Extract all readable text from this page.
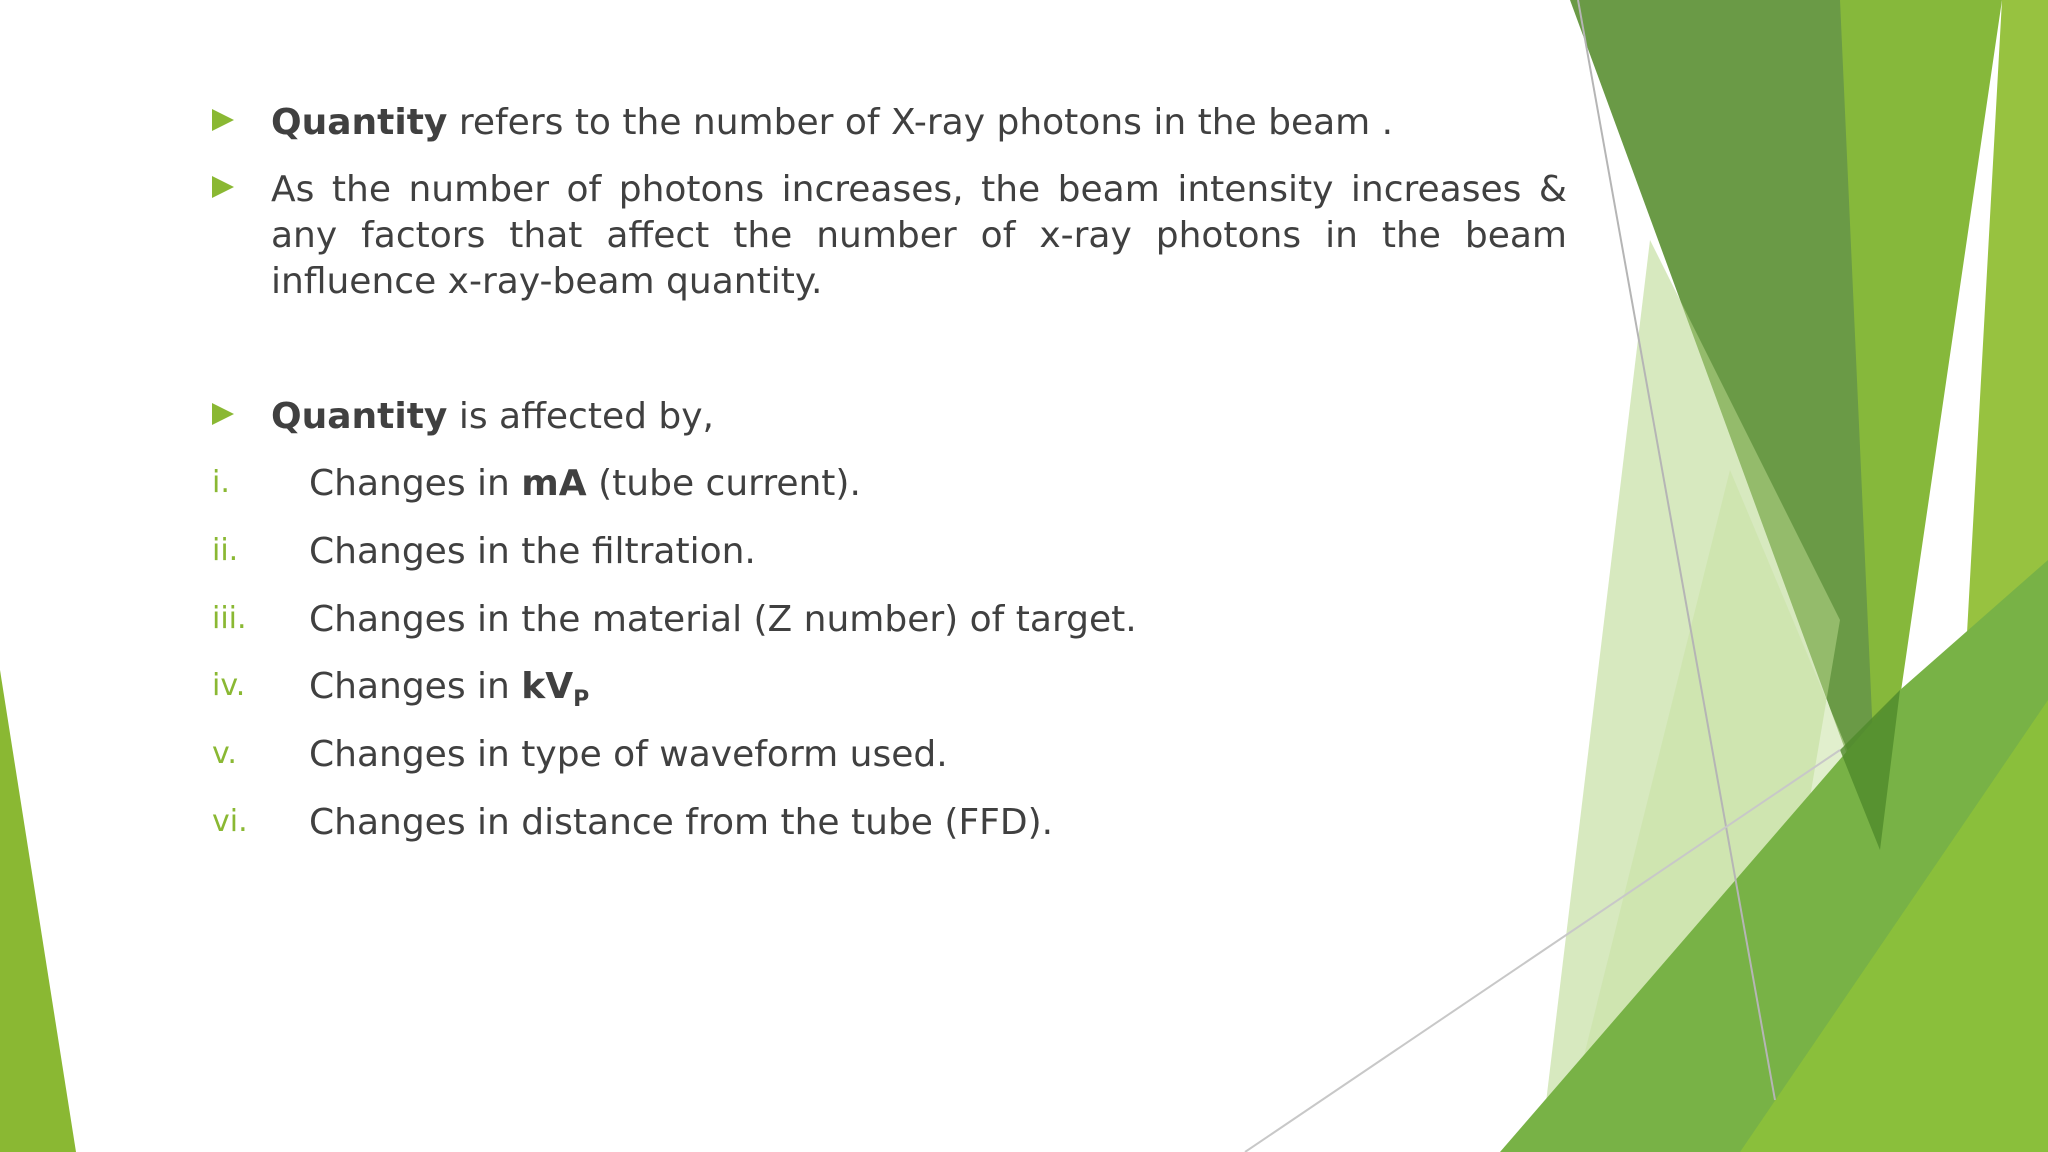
Quantity refers to the number of X-ray photons in the beam .
As the number of photons increases, the beam intensity increases & any factors that affect the number of x-ray photons in the beam influence x-ray-beam quantity.
Quantity is affected by,
i. Changes in mA (tube current).
ii. Changes in the filtration.
iii. Changes in the material (Z number) of target.
iv. Changes in $kV_P$
v. Changes in type of waveform used.
vi. Changes in distance from the tube (FFD).
